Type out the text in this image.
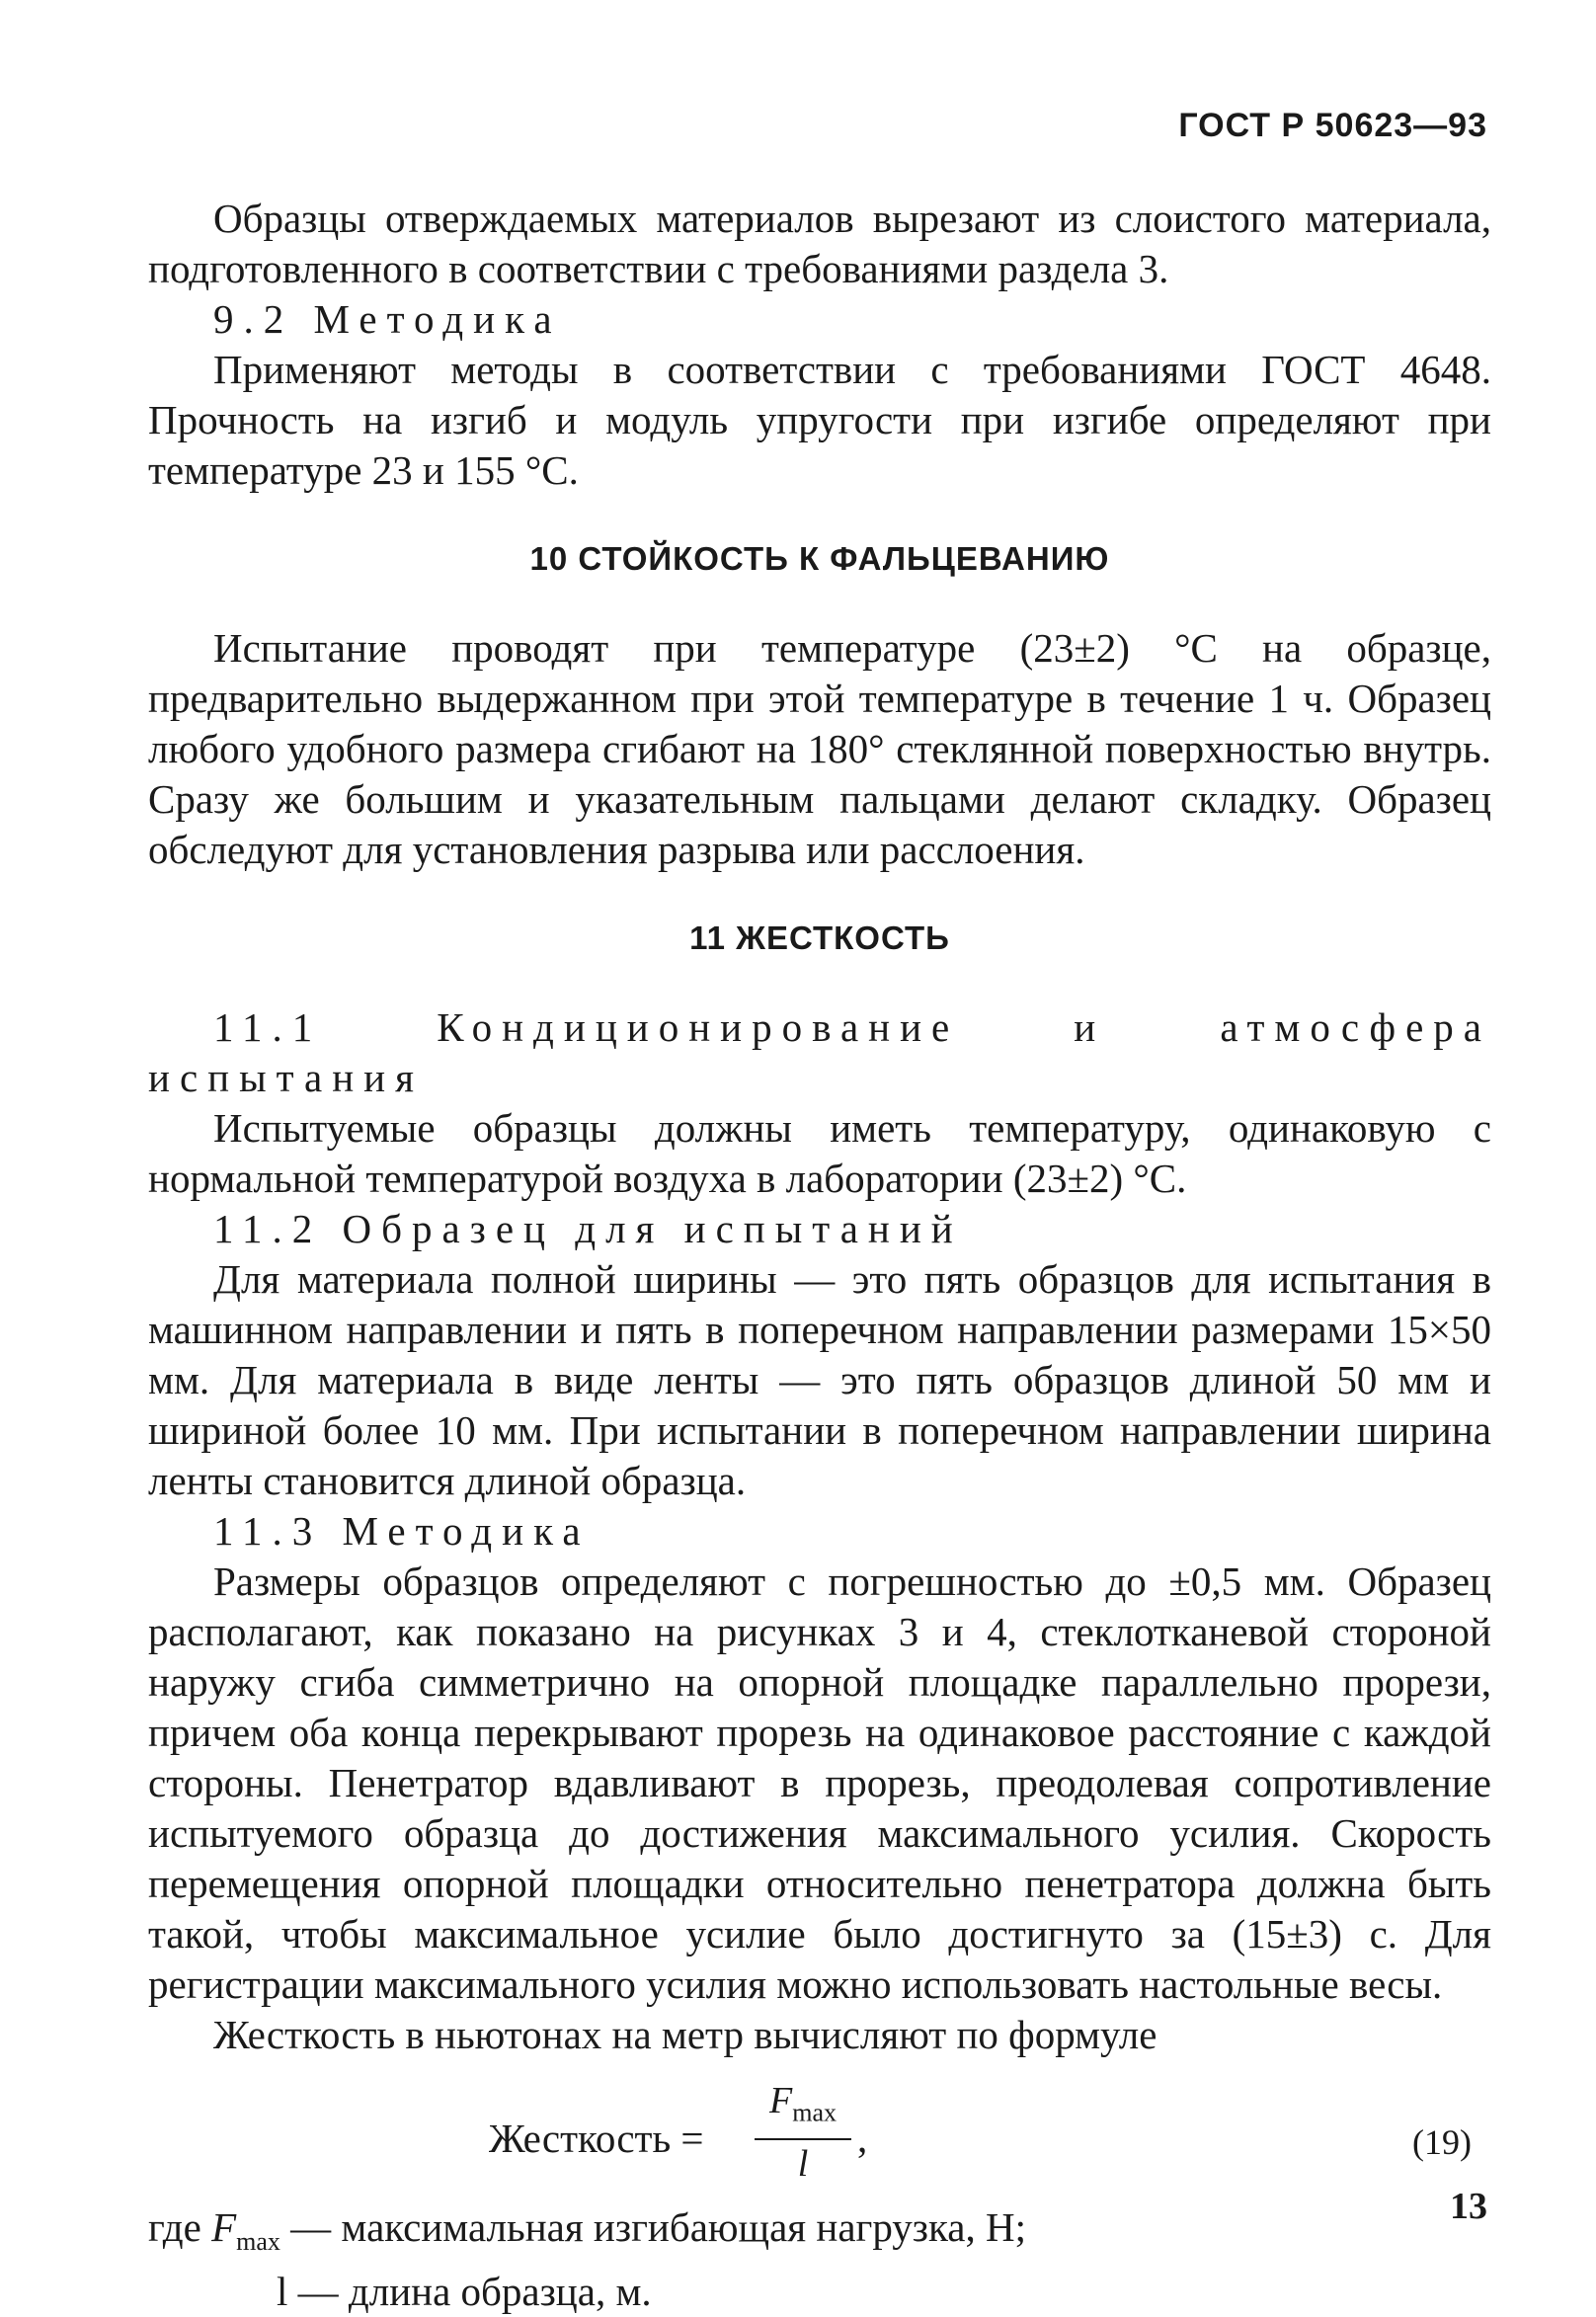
ГОСТ Р 50623—93

Образцы отверждаемых материалов вырезают из слоистого материала, подготовленного в соответствии с требованиями раздела 3.

9.2 Методика

Применяют методы в соответствии с требованиями ГОСТ 4648. Прочность на изгиб и модуль упругости при изгибе определяют при температуре 23 и 155 °С.

10 СТОЙКОСТЬ К ФАЛЬЦЕВАНИЮ

Испытание проводят при температуре (23±2) °С на образце, предварительно выдержанном при этой температуре в течение 1 ч. Образец любого удобного размера сгибают на 180° стеклянной поверхностью внутрь. Сразу же большим и указательным пальцами делают складку. Образец обследуют для установления разрыва или расслоения.

11 ЖЕСТКОСТЬ

11.1 Кондиционирование и атмосфера испытания

Испытуемые образцы должны иметь температуру, одинаковую с нормальной температурой воздуха в лаборатории (23±2) °С.

11.2 Образец для испытаний

Для материала полной ширины — это пять образцов для испытания в машинном направлении и пять в поперечном направлении размерами 15×50 мм. Для материала в виде ленты — это пять образцов длиной 50 мм и шириной более 10 мм. При испытании в поперечном направлении ширина ленты становится длиной образца.

11.3 Методика

Размеры образцов определяют с погрешностью до ±0,5 мм. Образец располагают, как показано на рисунках 3 и 4, стеклотканевой стороной наружу сгиба симметрично на опорной площадке параллельно прорези, причем оба конца перекрывают прорезь на одинаковое расстояние с каждой стороны. Пенетратор вдавливают в прорезь, преодолевая сопротивление испытуемого образца до достижения максимального усилия. Скорость перемещения опорной площадки относительно пенетратора должна быть такой, чтобы максимальное усилие было достигнуто за (15±3) с. Для регистрации максимального усилия можно использовать настольные весы.

Жесткость в ньютонах на метр вычисляют по формуле

Жесткость =
$F_{max}$
l
,	(19)

где $F_{max}$ — максимальная изгибающая нагрузка, Н;

l — длина образца, м.

13
